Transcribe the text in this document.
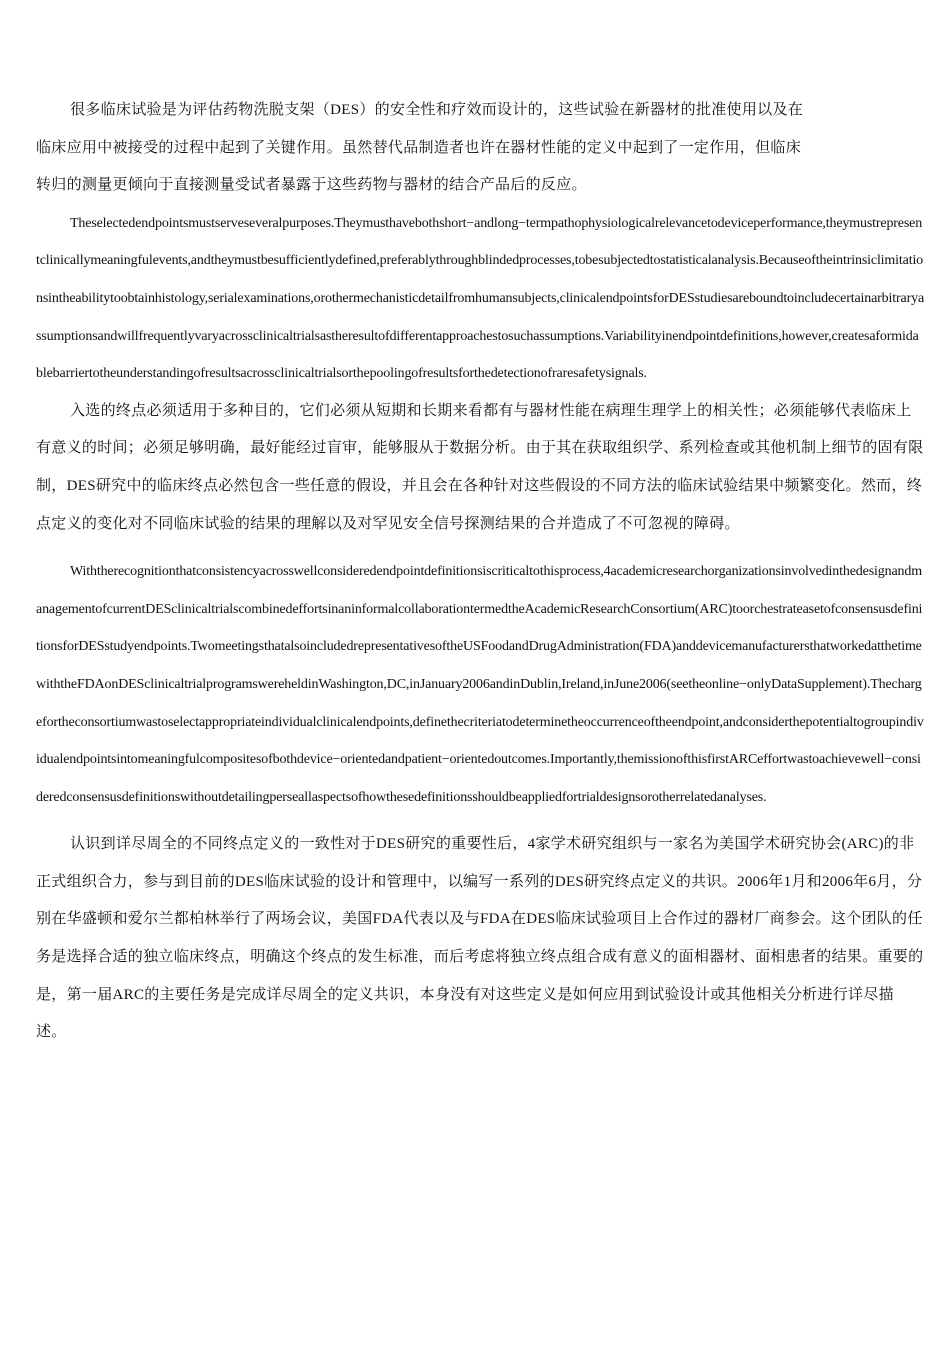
很多临床试验是为评估药物洗脱支架（DES）的安全性和疗效而设计的，这些试验在新器材的批准使用以及在
临床应用中被接受的过程中起到了关键作用。虽然替代品制造者也许在器材性能的定义中起到了一定作用，但临床
转归的测量更倾向于直接测量受试者暴露于这些药物与器材的结合产品后的反应。

Theselectedendpointsmustserveseveralpurposes.Theymusthavebothshort−andlong−termpathophysiologicalrelevancetodeviceperformance,theymustrepresentclinicallymeaningfulevents,andtheymustbesufficientlydefined,preferablythroughblindedprocesses,tobesubjectedtostatisticalanalysis.Becauseoftheintrinsiclimitationsintheabilitytoobtainhistology,serialexaminations,orothermechanisticdetailfromhumansubjects,clinicalendpointsforDESstudiesareboundtoincludecertainarbitraryassumptionsandwillfrequentlyvaryacrossclinicaltrialsastheresultofdifferentapproachestosuchassumptions.Variabilityinendpointdefinitions,however,createsaformidablebarriertotheunderstandingofresultsacrossclinicaltrialsorthepoolingofresultsforthedetectionofraresafetysignals.

入选的终点必须适用于多种目的，它们必须从短期和长期来看都有与器材性能在病理生理学上的相关性；必须能够代表临床上有意义的时间；必须足够明确，最好能经过盲审，能够服从于数据分析。由于其在获取组织学、系列检查或其他机制上细节的固有限制，DES研究中的临床终点必然包含一些任意的假设，并且会在各种针对这些假设的不同方法的临床试验结果中频繁变化。然而，终点定义的变化对不同临床试验的结果的理解以及对罕见安全信号探测结果的合并造成了不可忽视的障碍。

Withtherecognitionthatconsistencyacrosswellconsideredendpointdefinitionsiscriticaltothisprocess,4academicresearchorganizationsinvolvedinthedesignandmanagementofcurrentDESclinicaltrialscombinedeffortsinaninformalcollaborationtermedtheAcademicResearchConsortium(ARC)toorchestrateasetofconsensusdefinitionsforDESstudyendpoints.TwomeetingsthatalsoincludedrepresentativesoftheUSFoodandDrugAdministration(FDA)anddevicemanufacturersthatworkedatthetimewiththeFDAonDESclinicaltrialprogramswereheldinWashington,DC,inJanuary2006andinDublin,Ireland,inJune2006(seetheonline−onlyDataSupplement).Thechargefortheconsortiumwastoselectappropriateindividualclinicalendpoints,definethecriteriatodeterminetheoccurrenceoftheendpoint,andconsiderthepotentialtogroupindividualendpointsintomeaningfulcompositesofbothdevice−orientedandpatient−orientedoutcomes.Importantly,themissionofthisfirstARCeffortwastoachievewell−consideredconsensusdefinitionswithoutdetailingperseallaspectsofhowthesedefinitionsshouldbeappliedfortrialdesignsorotherrelatedanalyses.

认识到详尽周全的不同终点定义的一致性对于DES研究的重要性后，4家学术研究组织与一家名为美国学术研究协会(ARC)的非正式组织合力，参与到目前的DES临床试验的设计和管理中，以编写一系列的DES研究终点定义的共识。2006年1月和2006年6月，分别在华盛顿和爱尔兰都柏林举行了两场会议，美国FDA代表以及与FDA在DES临床试验项目上合作过的器材厂商参会。这个团队的任务是选择合适的独立临床终点，明确这个终点的发生标准，而后考虑将独立终点组合成有意义的面相器材、面相患者的结果。重要的是，第一届ARC的主要任务是完成详尽周全的定义共识，本身没有对这些定义是如何应用到试验设计或其他相关分析进行详尽描述。
